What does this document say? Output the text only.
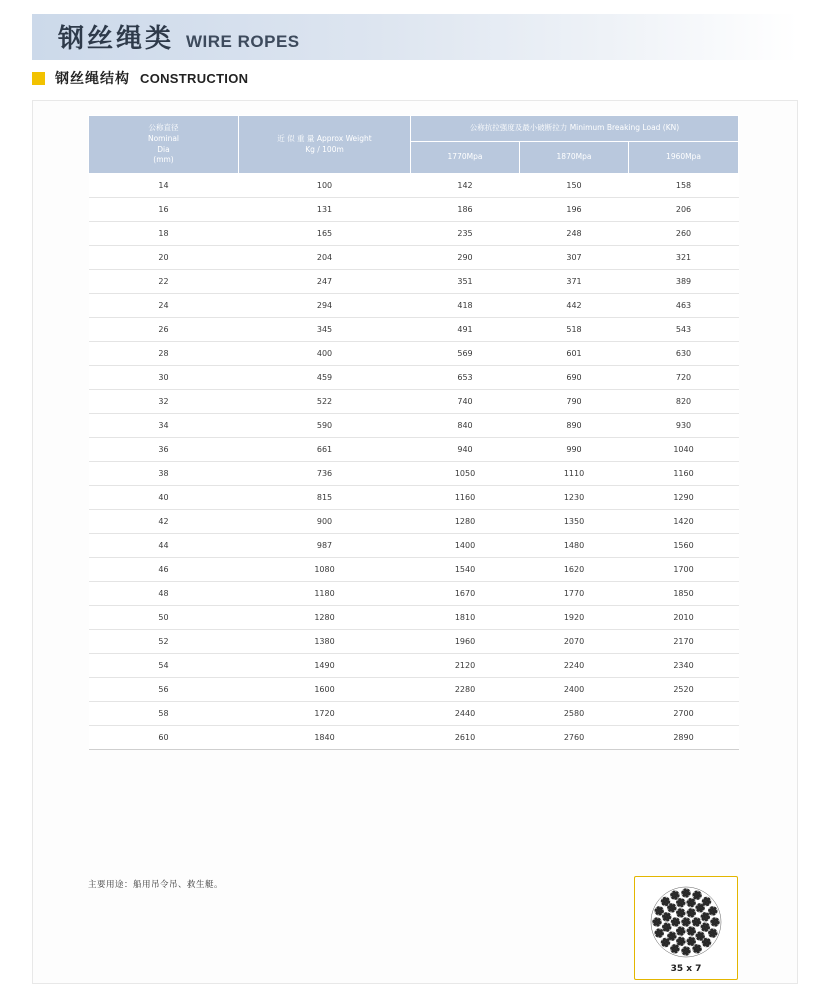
钢丝绳类 WIRE ROPES
钢丝绳结构 CONSTRUCTION
公称直径
Nominal
Dia
(mm)

近 似 重 量 Approx Weight
Kg / 100m
	公称抗拉强度及最小破断拉力 Minimum Breaking Load (KN)
		1770Mpa	1870Mpa	1960Mpa
14	100	142	150	158
16	131	186	196	206
18	165	235	248	260
20	204	290	307	321
22	247	351	371	389
24	294	418	442	463
26	345	491	518	543
28	400	569	601	630
30	459	653	690	720
32	522	740	790	820
34	590	840	890	930
36	661	940	990	1040
38	736	1050	1110	1160
40	815	1160	1230	1290
42	900	1280	1350	1420
44	987	1400	1480	1560
46	1080	1540	1620	1700
48	1180	1670	1770	1850
50	1280	1810	1920	2010
52	1380	1960	2070	2170
54	1490	2120	2240	2340
56	1600	2280	2400	2520
58	1720	2440	2580	2700
60	1840	2610	2760	2890
主要用途：船用吊令吊、救生艇。
35 x 7
